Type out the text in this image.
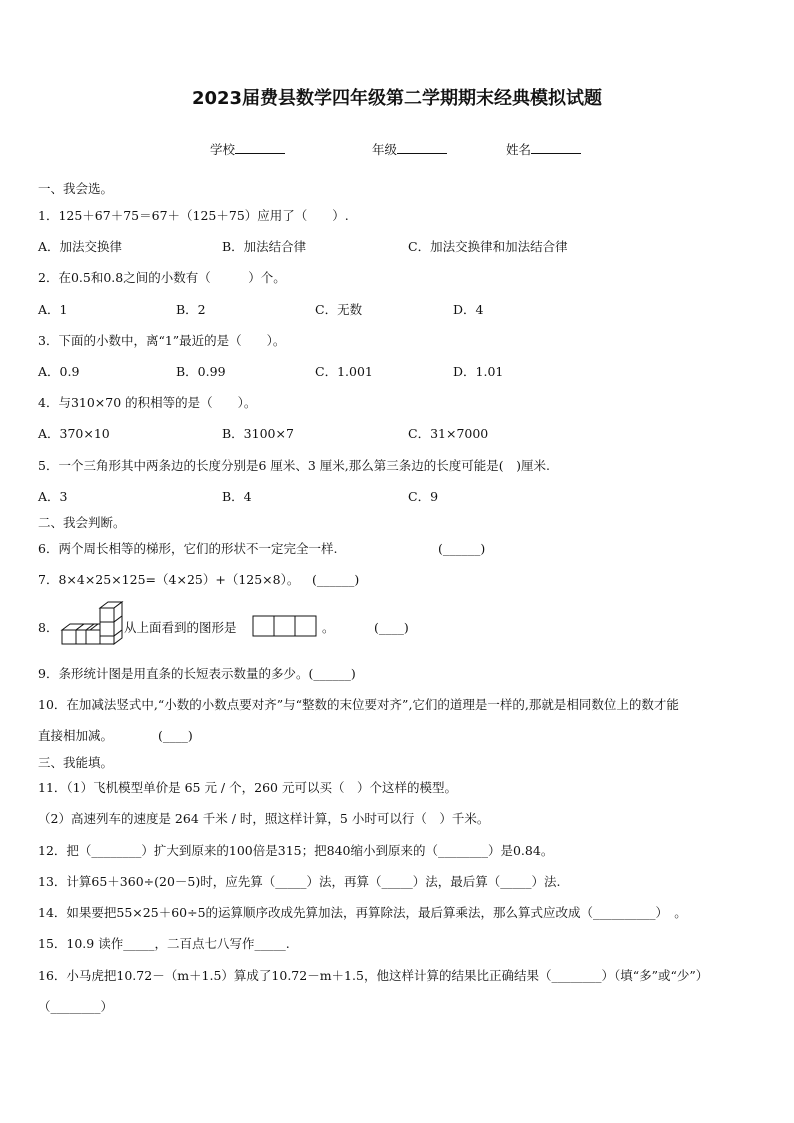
2023届费县数学四年级第二学期期末经典模拟试题
学校	年级	姓名
一、我会选。
1．125＋67＋75＝67＋（125＋75）应用了（　　）.
A．加法交换律	B．加法结合律	C．加法交换律和加法结合律
2．在0.5和0.8之间的小数有（　　　）个。
A．1	B．2	C．无数	D．4
3．下面的小数中，离“1”最近的是（　　）。
A．0.9	B．0.99	C．1.001	D．1.01
4．与310×70 的积相等的是（　　）。
A．370×10	B．3100×7	C．31×7000
5．一个三角形其中两条边的长度分别是6 厘米、3 厘米,那么第三条边的长度可能是(　)厘米.
A．3	B．4	C．9
二、我会判断。
6．两个周长相等的梯形，它们的形状不一定完全一样.	(______)
7．8×4×25×125=（4×25）+（125×8）。 (______)
8．	从上面看到的图形是	。	(____)
9．条形统计图是用直条的长短表示数量的多少。(______)
10．在加减法竖式中,“小数的小数点要对齐”与“整数的末位要对齐”,它们的道理是一样的,那就是相同数位上的数才能
直接相加减。	(____)
三、我能填。
11．（1）飞机模型单价是 65 元 / 个，260 元可以买（　）个这样的模型。
（2）高速列车的速度是 264 千米 / 时，照这样计算，5 小时可以行（　）千米。
12．把（________）扩大到原来的100倍是315；把840缩小到原来的（________）是0.84。
13．计算65＋360÷(20－5)时，应先算（_____）法，再算（_____）法，最后算（_____）法.
14．如果要把55×25＋60÷5的运算顺序改成先算加法，再算除法，最后算乘法，那么算式应改成（__________）　。
15．10.9 读作_____，二百点七八写作_____.
16．小马虎把10.72－（m＋1.5）算成了10.72－m＋1.5，他这样计算的结果比正确结果（________）（填“多”或“少”）
（________）
